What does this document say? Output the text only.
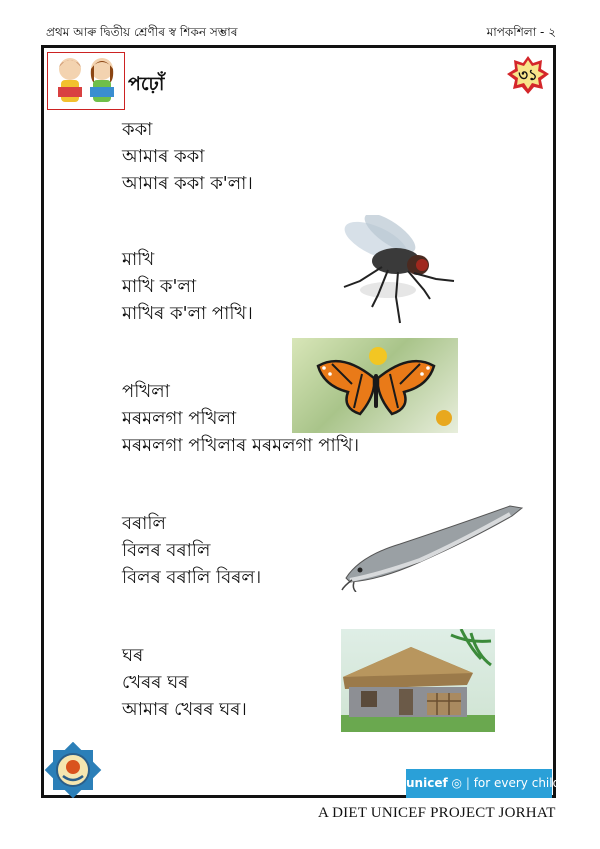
প্ৰথম আৰু দ্বিতীয় শ্ৰেণীৰ স্ব শিকন সম্ভাৰ	মাপকশিলা - ২
পঢ়োঁ	৩১
ককা
আমাৰ ককা
আমাৰ ককা ক'লা।
মাখি
মাখি ক'লা
মাখিৰ ক'লা পাখি।
পখিলা
মৰমলগা পখিলা
মৰমলগা পখিলাৰ মৰমলগা পাখি।
বৰালি
বিলৰ বৰালি
বিলৰ বৰালি বিৰল।
ঘৰ
খেৰৰ ঘৰ
আমাৰ খেৰৰ ঘৰ।
unicef ◎ | for every child
A DIET UNICEF PROJECT JORHAT
